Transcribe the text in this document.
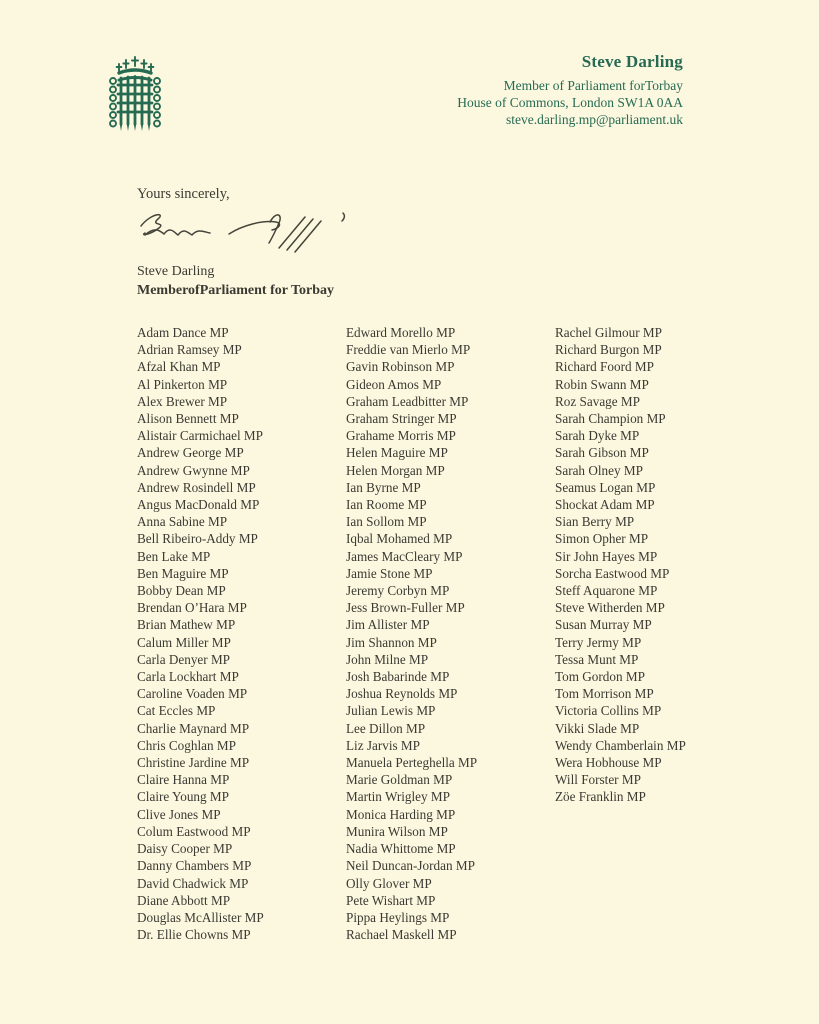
Steve Darling
Member of Parliament forTorbay
House of Commons, London SW1A 0AA
steve.darling.mp@parliament.uk
Yours sincerely,
Steve Darling
MemberofParliament for Torbay
Adam Dance MP
Adrian Ramsey MP
Afzal Khan MP
Al Pinkerton MP
Alex Brewer MP
Alison Bennett MP
Alistair Carmichael MP
Andrew George MP
Andrew Gwynne MP
Andrew Rosindell MP
Angus MacDonald MP
Anna Sabine MP
Bell Ribeiro-Addy MP
Ben Lake MP
Ben Maguire MP
Bobby Dean MP
Brendan O’Hara MP
Brian Mathew MP
Calum Miller MP
Carla Denyer MP
Carla Lockhart MP
Caroline Voaden MP
Cat Eccles MP
Charlie Maynard MP
Chris Coghlan MP
Christine Jardine MP
Claire Hanna MP
Claire Young MP
Clive Jones MP
Colum Eastwood MP
Daisy Cooper MP
Danny Chambers MP
David Chadwick MP
Diane Abbott MP
Douglas McAllister MP
Dr. Ellie Chowns MP
Edward Morello MP
Freddie van Mierlo MP
Gavin Robinson MP
Gideon Amos MP
Graham Leadbitter MP
Graham Stringer MP
Grahame Morris MP
Helen Maguire MP
Helen Morgan MP
Ian Byrne MP
Ian Roome MP
Ian Sollom MP
Iqbal Mohamed MP
James MacCleary MP
Jamie Stone MP
Jeremy Corbyn MP
Jess Brown-Fuller MP
Jim Allister MP
Jim Shannon MP
John Milne MP
Josh Babarinde MP
Joshua Reynolds MP
Julian Lewis MP
Lee Dillon MP
Liz Jarvis MP
Manuela Perteghella MP
Marie Goldman MP
Martin Wrigley MP
Monica Harding MP
Munira Wilson MP
Nadia Whittome MP
Neil Duncan-Jordan MP
Olly Glover MP
Pete Wishart MP
Pippa Heylings MP
Rachael Maskell MP
Rachel Gilmour MP
Richard Burgon MP
Richard Foord MP
Robin Swann MP
Roz Savage MP
Sarah Champion MP
Sarah Dyke MP
Sarah Gibson MP
Sarah Olney MP
Seamus Logan MP
Shockat Adam MP
Sian Berry MP
Simon Opher MP
Sir John Hayes MP
Sorcha Eastwood MP
Steff Aquarone MP
Steve Witherden MP
Susan Murray MP
Terry Jermy MP
Tessa Munt MP
Tom Gordon MP
Tom Morrison MP
Victoria Collins MP
Vikki Slade MP
Wendy Chamberlain MP
Wera Hobhouse MP
Will Forster MP
Zöe Franklin MP
